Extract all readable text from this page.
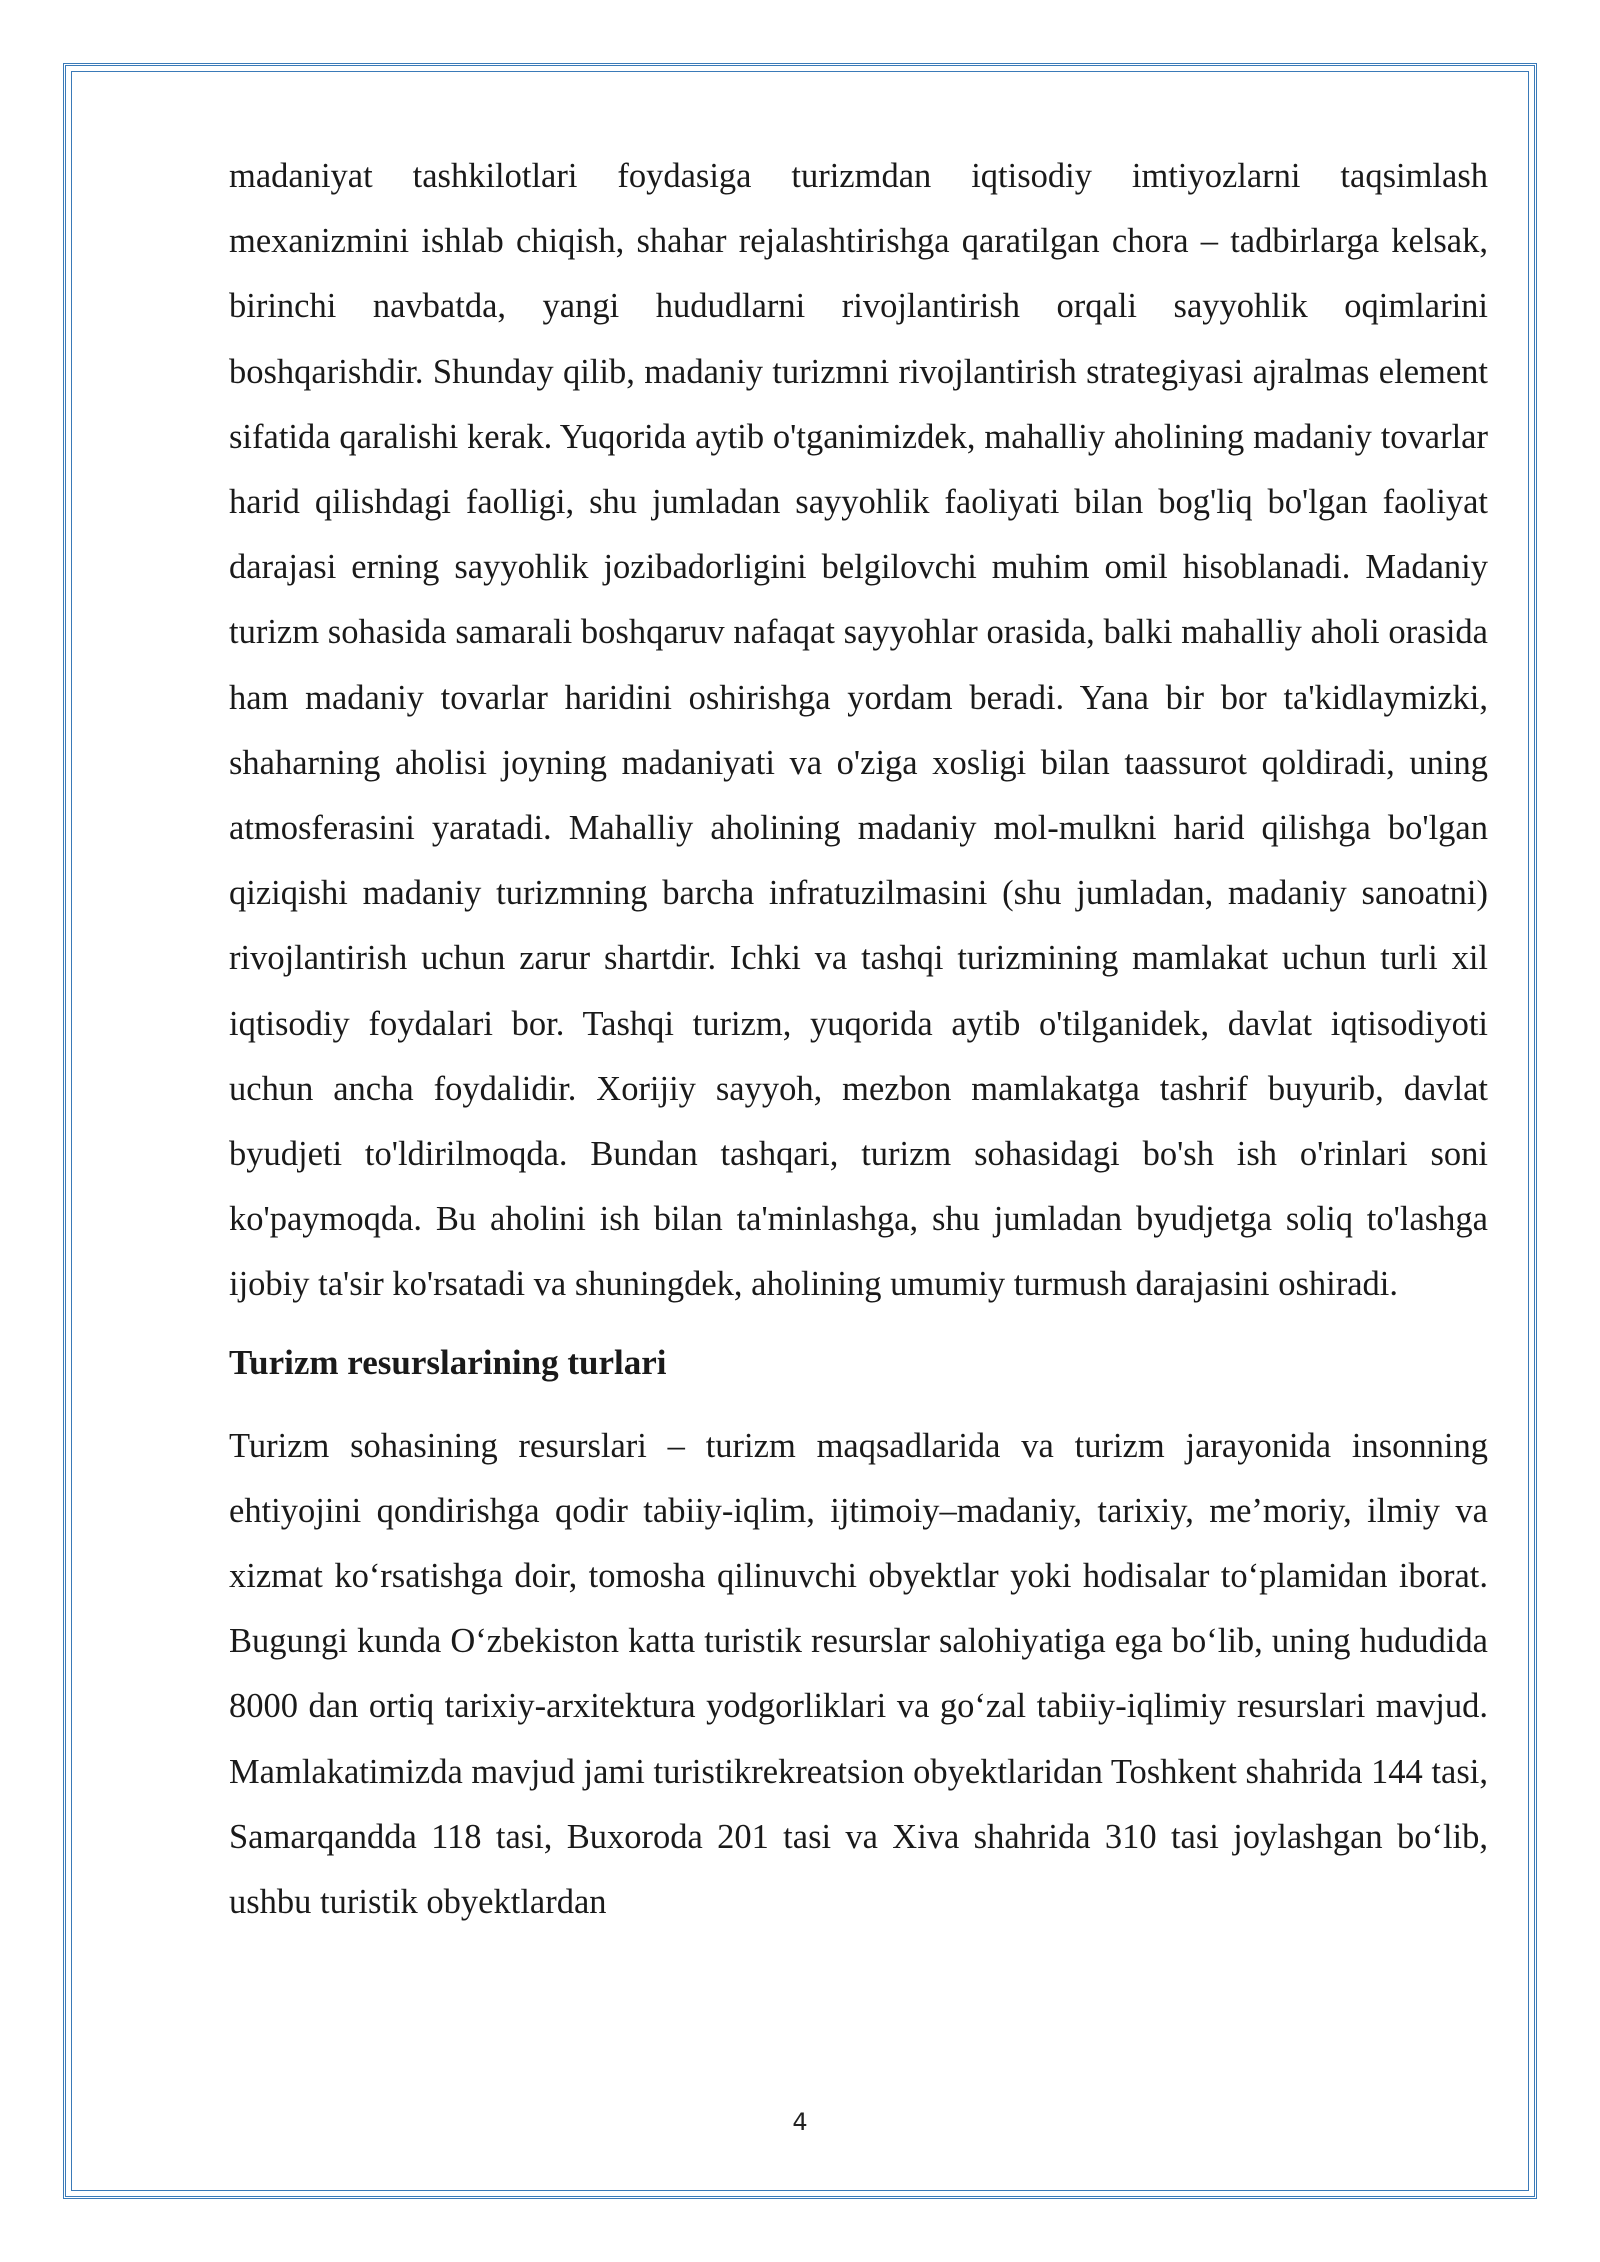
madaniyat tashkilotlari foydasiga turizmdan iqtisodiy imtiyozlarni taqsimlash mexanizmini ishlab chiqish, shahar rejalashtirishga qaratilgan chora – tadbirlarga kelsak, birinchi navbatda, yangi hududlarni rivojlantirish orqali sayyohlik oqimlarini boshqarishdir. Shunday qilib, madaniy turizmni rivojlantirish strategiyasi ajralmas element sifatida qaralishi kerak. Yuqorida aytib o'tganimizdek, mahalliy aholining madaniy tovarlar harid qilishdagi faolligi, shu jumladan sayyohlik faoliyati bilan bog'liq bo'lgan faoliyat darajasi erning sayyohlik jozibadorligini belgilovchi muhim omil hisoblanadi. Madaniy turizm sohasida samarali boshqaruv nafaqat sayyohlar orasida, balki mahalliy aholi orasida ham madaniy tovarlar haridini oshirishga yordam beradi. Yana bir bor ta'kidlaymizki, shaharning aholisi joyning madaniyati va o'ziga xosligi bilan taassurot qoldiradi, uning atmosferasini yaratadi. Mahalliy aholining madaniy mol-mulkni harid qilishga bo'lgan qiziqishi madaniy turizmning barcha infratuzilmasini (shu jumladan, madaniy sanoatni) rivojlantirish uchun zarur shartdir. Ichki va tashqi turizmining mamlakat uchun turli xil iqtisodiy foydalari bor. Tashqi turizm, yuqorida aytib o'tilganidek, davlat iqtisodiyoti uchun ancha foydalidir. Xorijiy sayyoh, mezbon mamlakatga tashrif buyurib, davlat byudjeti to'ldirilmoqda. Bundan tashqari, turizm sohasidagi bo'sh ish o'rinlari soni ko'paymoqda. Bu aholini ish bilan ta'minlashga, shu jumladan byudjetga soliq to'lashga ijobiy ta'sir ko'rsatadi va shuningdek, aholining umumiy turmush darajasini oshiradi.

Turizm resurslarining turlari

Turizm sohasining resurslari – turizm maqsadlarida va turizm jarayonida insonning ehtiyojini qondirishga qodir tabiiy-iqlim, ijtimoiy–madaniy, tarixiy, me’moriy, ilmiy va xizmat ko‘rsatishga doir, tomosha qilinuvchi obyektlar yoki hodisalar to‘plamidan iborat. Bugungi kunda O‘zbekiston katta turistik resurslar salohiyatiga ega bo‘lib, uning hududida 8000 dan ortiq tarixiy-arxitektura yodgorliklari va go‘zal tabiiy-iqlimiy resurslari mavjud. Mamlakatimizda mavjud jami turistikrekreatsion obyektlaridan Toshkent shahrida 144 tasi, Samarqandda 118 tasi, Buxoroda 201 tasi va Xiva shahrida 310 tasi joylashgan bo‘lib, ushbu turistik obyektlardan

4
